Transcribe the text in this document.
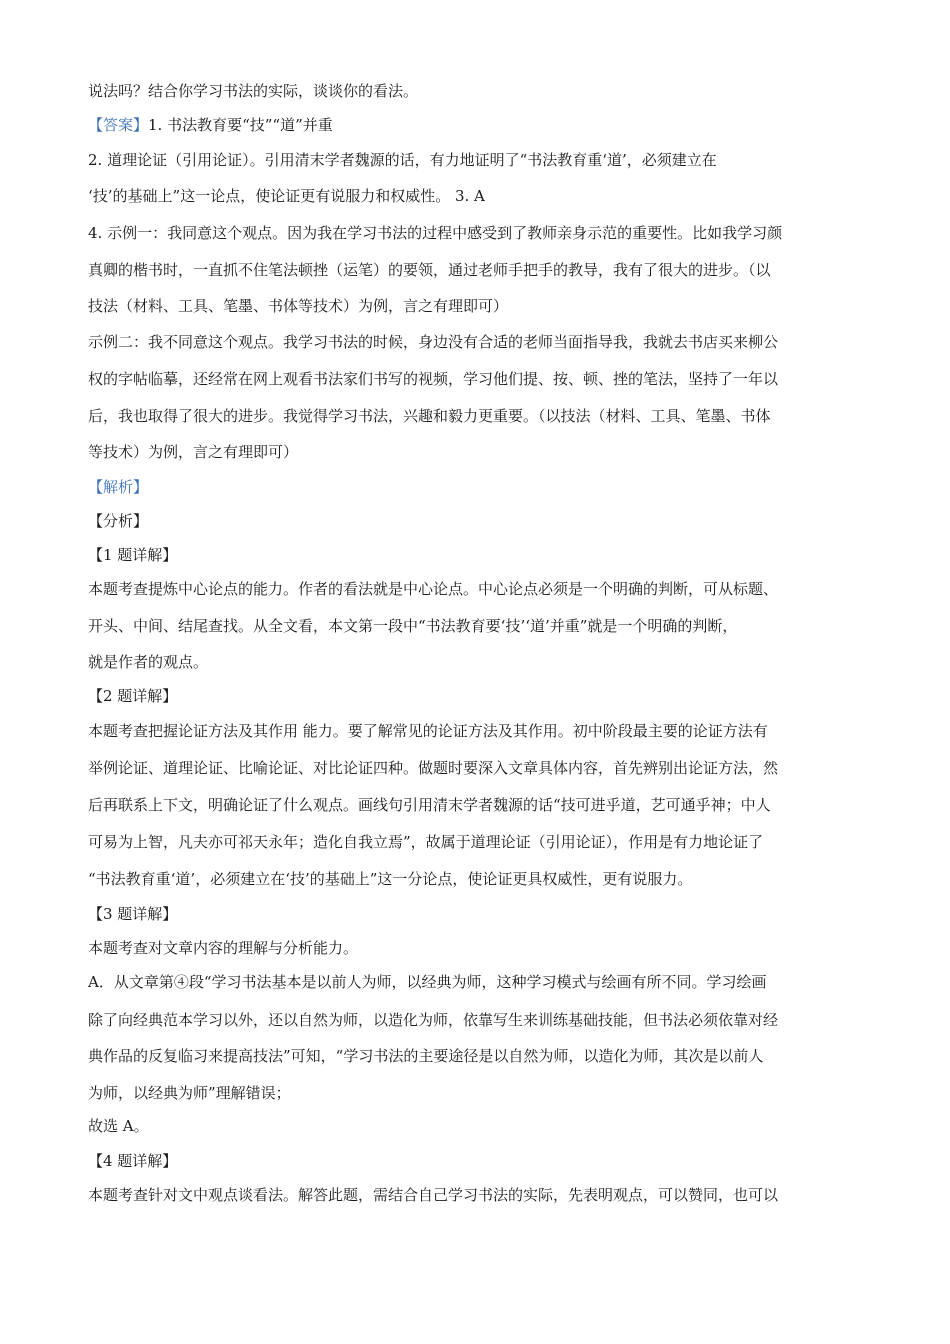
说法吗？结合你学习书法的实际，谈谈你的看法。
【答案】1. 书法教育要“技”“道”并重
2. 道理论证（引用论证）。引用清末学者魏源的话，有力地证明了“书法教育重‘道’，必须建立在
‘技’的基础上”这一论点，使论证更有说服力和权威性。 3. A
4. 示例一：我同意这个观点。因为我在学习书法的过程中感受到了教师亲身示范的重要性。比如我学习颜
真卿的楷书时，一直抓不住笔法顿挫（运笔）的要领，通过老师手把手的教导，我有了很大的进步。（以
技法（材料、工具、笔墨、书体等技术）为例，言之有理即可）
示例二：我不同意这个观点。我学习书法的时候，身边没有合适的老师当面指导我，我就去书店买来柳公
权的字帖临摹，还经常在网上观看书法家们书写的视频，学习他们提、按、顿、挫的笔法，坚持了一年以
后，我也取得了很大的进步。我觉得学习书法，兴趣和毅力更重要。（以技法（材料、工具、笔墨、书体
等技术）为例，言之有理即可）
【解析】
【分析】
【1 题详解】
本题考查提炼中心论点的能力。作者的看法就是中心论点。中心论点必须是一个明确的判断，可从标题、
开头、中间、结尾查找。从全文看，本文第一段中“书法教育要‘技’‘道’并重”就是一个明确的判断，
就是作者的观点。
【2 题详解】
本题考查把握论证方法及其作用 能力。要了解常见的论证方法及其作用。初中阶段最主要的论证方法有
举例论证、道理论证、比喻论证、对比论证四种。做题时要深入文章具体内容，首先辨别出论证方法，然
后再联系上下文，明确论证了什么观点。画线句引用清末学者魏源的话“技可进乎道，艺可通乎神；中人
可易为上智，凡夫亦可祁天永年；造化自我立焉”，故属于道理论证（引用论证），作用是有力地论证了
“书法教育重‘道’，必须建立在‘技’的基础上”这一分论点，使论证更具权威性，更有说服力。
【3 题详解】
本题考查对文章内容的理解与分析能力。
A．从文章第④段“学习书法基本是以前人为师，以经典为师，这种学习模式与绘画有所不同。学习绘画
除了向经典范本学习以外，还以自然为师，以造化为师，依靠写生来训练基础技能，但书法必须依靠对经
典作品的反复临习来提高技法”可知，“学习书法的主要途径是以自然为师，以造化为师，其次是以前人
为师，以经典为师”理解错误；
故选 A。
【4 题详解】
本题考查针对文中观点谈看法。解答此题，需结合自己学习书法的实际，先表明观点，可以赞同，也可以
